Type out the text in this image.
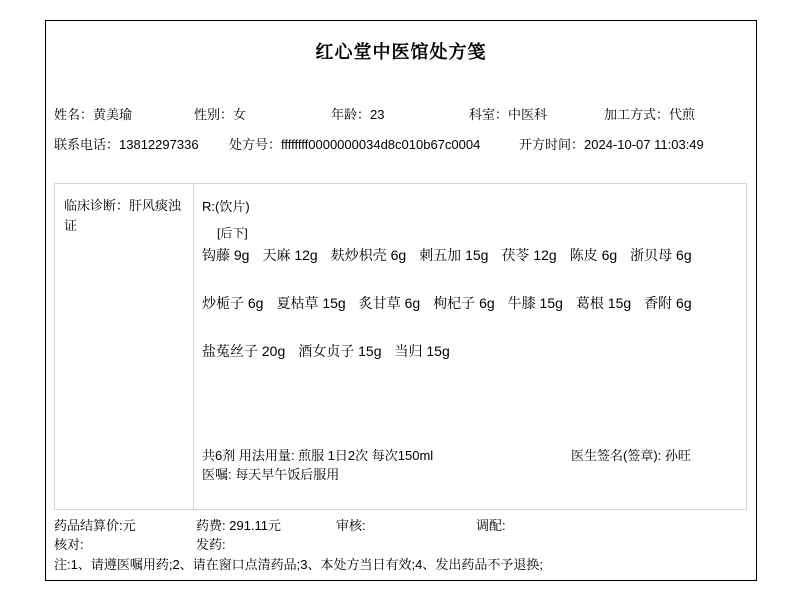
红心堂中医馆处方笺
姓名：黄美瑜	性别：女	年龄：23	科室：中医科	加工方式：代煎
联系电话：13812297336 处方号：ffffffff0000000034d8c010b67c0004	开方时间：2024-10-07 11:03:49
临床诊断：肝风痰浊证
R:(饮片)
[后下]
钩藤 9g 天麻 12g 麸炒枳壳 6g 刺五加 15g 茯苓 12g 陈皮 6g 浙贝母 6g
炒栀子 6g 夏枯草 15g 炙甘草 6g 枸杞子 6g 牛膝 15g 葛根 15g 香附 6g
盐菟丝子 20g 酒女贞子 15g 当归 15g
共6剂 用法用量: 煎服 1日2次 每次150ml
医嘱: 每天早午饭后服用
医生签名(签章): 孙旺
药品结算价:元	药费: 291.11元	审核:	调配:
核对:	发药:
注:1、请遵医嘱用药;2、请在窗口点清药品;3、本处方当日有效;4、发出药品不予退换;
